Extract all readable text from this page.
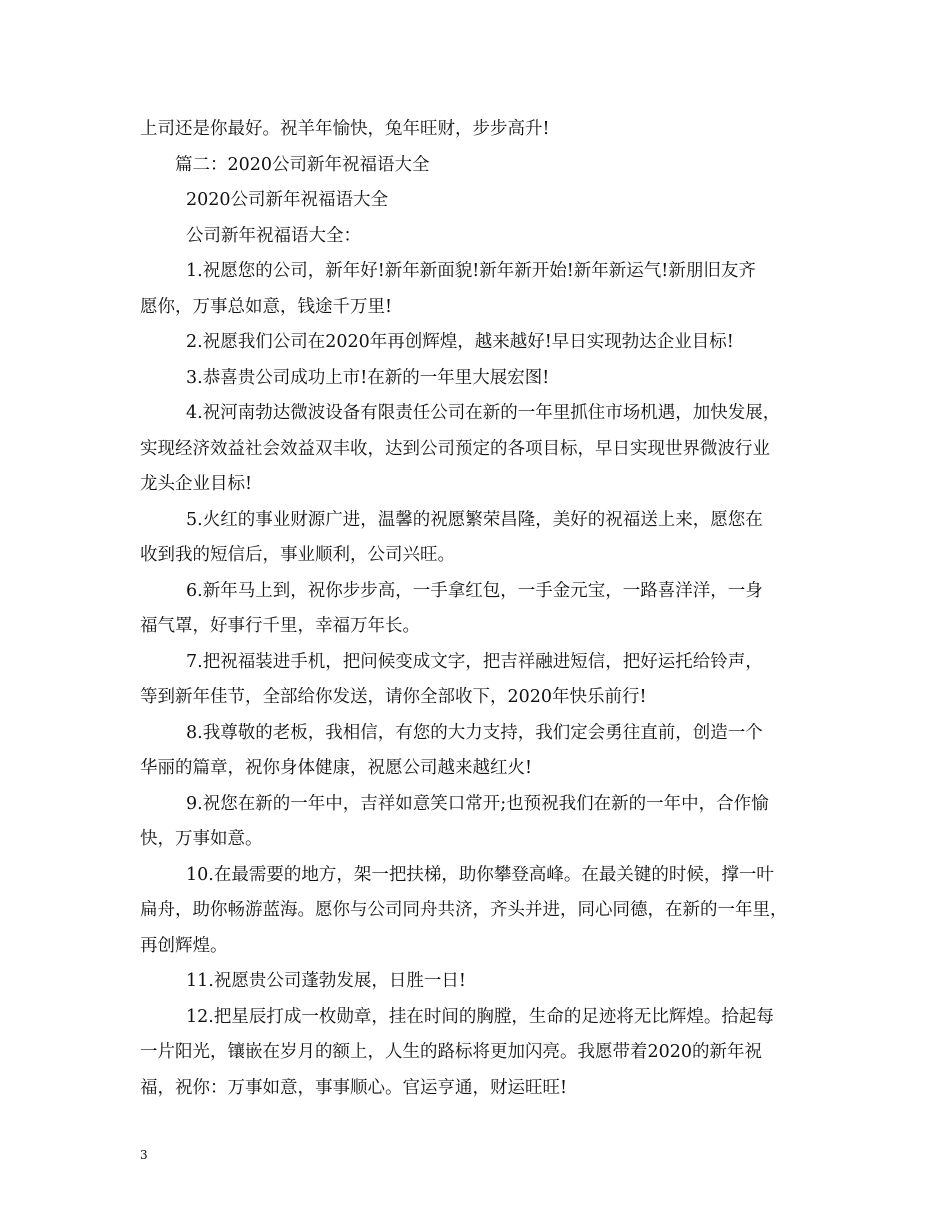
上司还是你最好。祝羊年愉快，兔年旺财，步步高升!

篇二：2020公司新年祝福语大全

2020公司新年祝福语大全

公司新年祝福语大全：

1.祝愿您的公司，新年好!新年新面貌!新年新开始!新年新运气!新朋旧友齐

愿你，万事总如意，钱途千万里!

2.祝愿我们公司在2020年再创辉煌，越来越好!早日实现勃达企业目标!

3.恭喜贵公司成功上市!在新的一年里大展宏图!

4.祝河南勃达微波设备有限责任公司在新的一年里抓住市场机遇，加快发展，

实现经济效益社会效益双丰收，达到公司预定的各项目标，早日实现世界微波行业

龙头企业目标!

5.火红的事业财源广进，温馨的祝愿繁荣昌隆，美好的祝福送上来，愿您在

收到我的短信后，事业顺利，公司兴旺。

6.新年马上到，祝你步步高，一手拿红包，一手金元宝，一路喜洋洋，一身

福气罩，好事行千里，幸福万年长。

7.把祝福装进手机，把问候变成文字，把吉祥融进短信，把好运托给铃声，

等到新年佳节，全部给你发送，请你全部收下，2020年快乐前行!

8.我尊敬的老板，我相信，有您的大力支持，我们定会勇往直前，创造一个

华丽的篇章，祝你身体健康，祝愿公司越来越红火!

9.祝您在新的一年中，吉祥如意笑口常开;也预祝我们在新的一年中，合作愉

快，万事如意。

10.在最需要的地方，架一把扶梯，助你攀登高峰。在最关键的时候，撑一叶

扁舟，助你畅游蓝海。愿你与公司同舟共济，齐头并进，同心同德，在新的一年里，

再创辉煌。

11.祝愿贵公司蓬勃发展，日胜一日!

12.把星辰打成一枚勋章，挂在时间的胸膛，生命的足迹将无比辉煌。拾起每

一片阳光，镶嵌在岁月的额上，人生的路标将更加闪亮。我愿带着2020的新年祝

福，祝你：万事如意，事事顺心。官运亨通，财运旺旺!

3
